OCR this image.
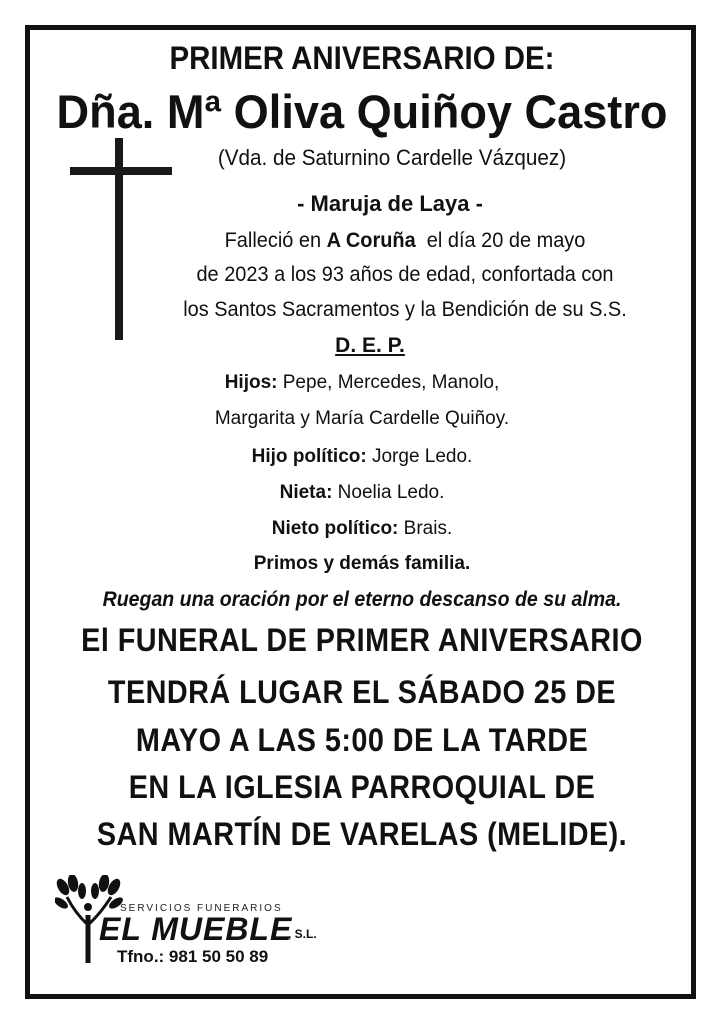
PRIMER ANIVERSARIO DE:
Dña. Mª Oliva Quiñoy Castro
(Vda. de Saturnino Cardelle Vázquez)
- Maruja de Laya -
Falleció en A Coruña  el día 20 de mayo
de 2023 a los 93 años de edad, confortada con
los Santos Sacramentos y la Bendición de su S.S.
D. E. P.
Hijos: Pepe, Mercedes, Manolo,
Margarita y María Cardelle Quiñoy.
Hijo político: Jorge Ledo.
Nieta: Noelia Ledo.
Nieto político: Brais.
Primos y demás familia.
Ruegan una oración por el eterno descanso de su alma.
El FUNERAL DE PRIMER ANIVERSARIO
TENDRÁ LUGAR EL SÁBADO 25 DE
MAYO A LAS 5:00 DE LA TARDE
EN LA IGLESIA PARROQUIAL DE
SAN MARTÍN DE VARELAS (MELIDE).
SERVICIOS FUNERARIOS
EL MUEBLE
, S.L.
Tfno.: 981 50 50 89
